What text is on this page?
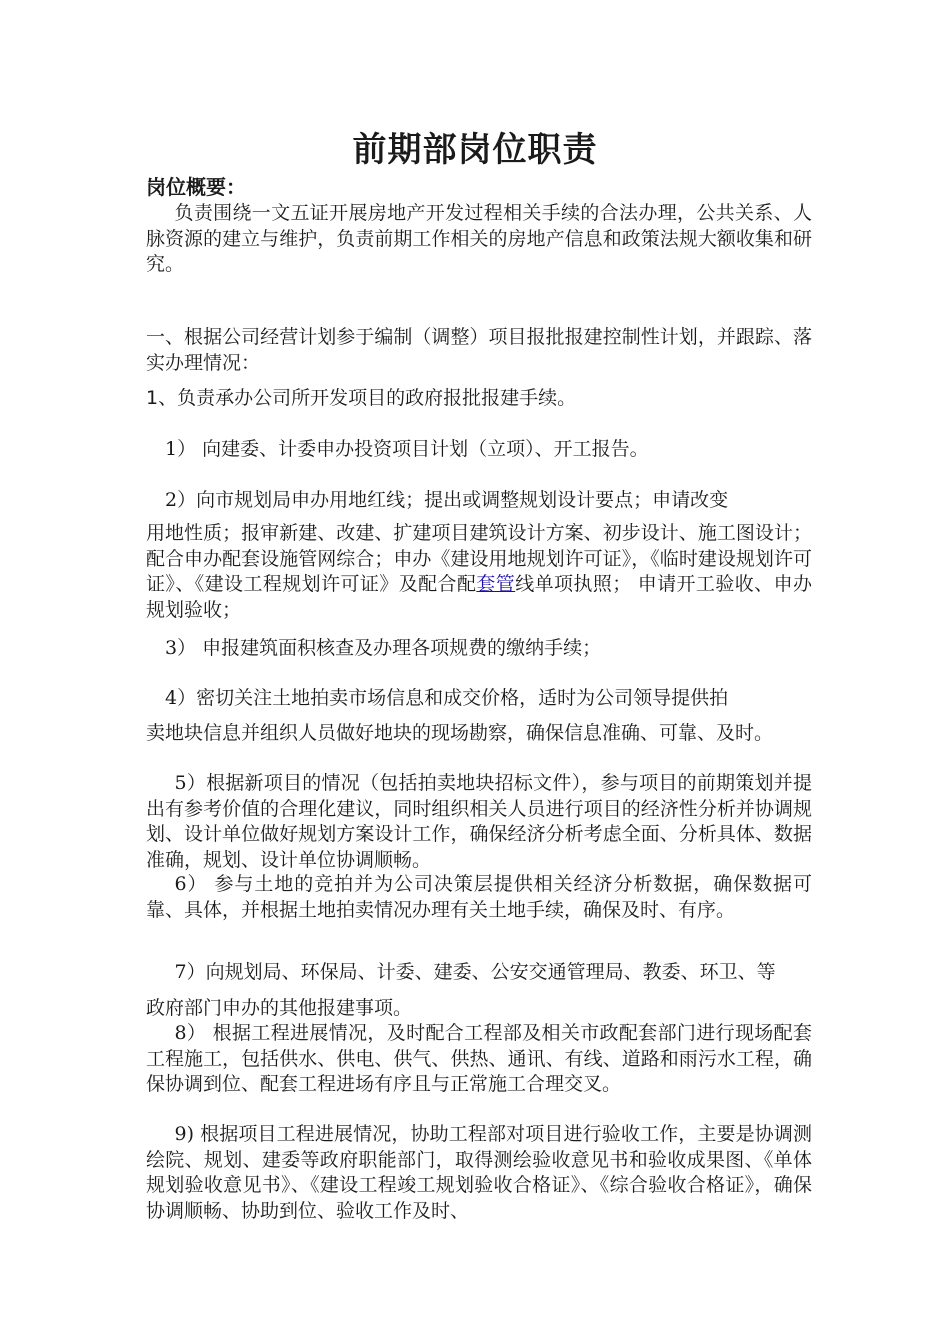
前期部岗位职责
岗位概要：

负责围绕一文五证开展房地产开发过程相关手续的合法办理，公共关系、人脉资源的建立与维护，负责前期工作相关的房地产信息和政策法规大额收集和研究。

一、根据公司经营计划参于编制（调整）项目报批报建控制性计划，并跟踪、落实办理情况：

1、负责承办公司所开发项目的政府报批报建手续。

1） 向建委、计委申办投资项目计划（立项）、开工报告。

2）向市规划局申办用地红线；提出或调整规划设计要点；申请改变

用地性质；报审新建、改建、扩建项目建筑设计方案、初步设计、施工图设计；配合申办配套设施管网综合；申办《建设用地规划许可证》，《临时建设规划许可证》、《建设工程规划许可证》及配合配套管线单项执照； 申请开工验收、申办规划验收；

3） 申报建筑面积核查及办理各项规费的缴纳手续；

4）密切关注土地拍卖市场信息和成交价格，适时为公司领导提供拍

卖地块信息并组织人员做好地块的现场勘察，确保信息准确、可靠、及时。

5）根据新项目的情况（包括拍卖地块招标文件），参与项目的前期策划并提出有参考价值的合理化建议，同时组织相关人员进行项目的经济性分析并协调规划、设计单位做好规划方案设计工作，确保经济分析考虑全面、分析具体、数据准确，规划、设计单位协调顺畅。

6） 参与土地的竞拍并为公司决策层提供相关经济分析数据，确保数据可靠、具体，并根据土地拍卖情况办理有关土地手续，确保及时、有序。

7）向规划局、环保局、计委、建委、公安交通管理局、教委、环卫、等

政府部门申办的其他报建事项。

8） 根据工程进展情况，及时配合工程部及相关市政配套部门进行现场配套工程施工，包括供水、供电、供气、供热、通讯、有线、道路和雨污水工程，确保协调到位、配套工程进场有序且与正常施工合理交叉。

9) 根据项目工程进展情况，协助工程部对项目进行验收工作，主要是协调测绘院、规划、建委等政府职能部门，取得测绘验收意见书和验收成果图、《单体规划验收意见书》、《建设工程竣工规划验收合格证》、《综合验收合格证》，确保协调顺畅、协助到位、验收工作及时、
